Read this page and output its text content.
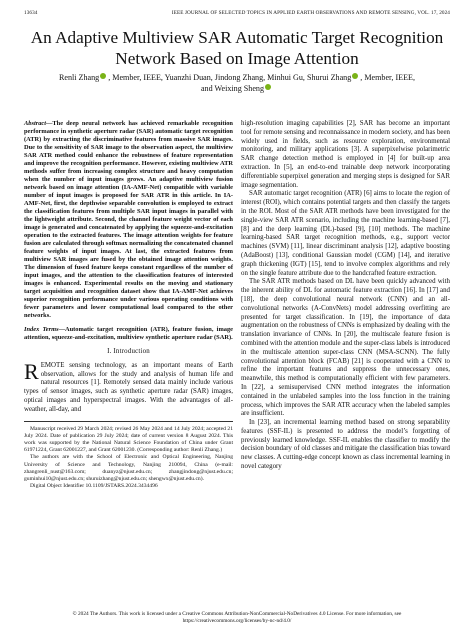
13634	IEEE JOURNAL OF SELECTED TOPICS IN APPLIED EARTH OBSERVATIONS AND REMOTE SENSING, VOL. 17, 2024
An Adaptive Multiview SAR Automatic Target Recognition Network Based on Image Attention
Renli Zhang , Member, IEEE, Yuanzhi Duan, Jindong Zhang, Minhui Gu, Shurui Zhang , Member, IEEE,
and Weixing Sheng

Abstract—The deep neural network has achieved remarkable recognition performance in synthetic aperture radar (SAR) automatic target recognition (ATR) by extracting the discriminative features from massive SAR images. Due to the sensitivity of SAR image to the observation aspect, the multiview SAR ATR method could enhance the robustness of feature representation and improve the recognition performance. However, existing multiview ATR methods suffer from increasing complex structure and heavy computation when the number of input images grows. An adaptive multiview fusion network based on image attention (IA-AMF-Net) compatible with variable number of input images is proposed for SAR ATR in this article. In IA-AMF-Net, first, the depthwise separable convolution is employed to extract the classification features from multiple SAR input images in parallel with the lightweight attribute. Second, the channel feature weight vector of each image is generated and concatenated by applying the squeeze-and-excitation operation to the extracted features. The image attention weights for feature fusion are calculated through softmax normalizing the concatenated channel feature weights of input images. At last, the extracted features from multiview SAR images are fused by the obtained image attention weights. The dimension of fused feature keeps constant regardless of the number of input images, and the attention to the classification features of interested images is enhanced. Experimental results on the moving and stationary target acquisition and recognition dataset show that IA-AMF-Net achieves superior recognition performance under various operating conditions with fewer parameters and lower computational load compared to the other networks.

Index Terms—Automatic target recognition (ATR), feature fusion, image attention, squeeze-and-excitation, multiview synthetic aperture radar (SAR).

I. Introduction

REMOTE sensing technology, as an important means of Earth observation, allows for the study and analysis of human life and natural resources [1]. Remotely sensed data mainly include various types of sensor images, such as synthetic aperture radar (SAR) images, optical images and hyperspectral images. With the advantages of all-weather, all-day, and

Manuscript received 29 March 2024; revised 26 May 2024 and 14 July 2024; accepted 21 July 2024. Date of publication 29 July 2024; date of current version 8 August 2024. This work was supported by the National Natural Science Foundation of China under Grant 61971224, Grant 62001227, and Grant 62001230. (Corresponding author: Renli Zhang.)

The authors are with the School of Electronic and Optical Engineering, Nanjing University of Science and Technology, Nanjing 210094, China (e-mail: zhangrenli_nust@163.com; duanyz@njust.edu.cn; zhangjindong@njust.edu.cn; guminhui10@njust.edu.cn; shuruizhang@njust.edu.cn; shengwx@njust.edu.cn).

Digital Object Identifier 10.1109/JSTARS.2024.3434496

high-resolution imaging capabilities [2], SAR has become an important tool for remote sensing and reconnaissance in modern society, and has been widely used in fields, such as resource exploration, environmental monitoring, and military applications [3]. A superpixelwise polarimetric SAR change detection method is employed in [4] for built-up area extraction. In [5], an end-to-end trainable deep network incorporating differentiable superpixel generation and merging steps is designed for SAR image segmentation.

SAR automatic target recognition (ATR) [6] aims to locate the region of interest (ROI), which contains potential targets and then classify the targets in the ROI. Most of the SAR ATR methods have been investigated for the single-view SAR ATR scenario, including the machine learning-based [7], [8] and the deep learning (DL)-based [9], [10] methods. The machine learning-based SAR target recognition methods, e.g., support vector machines (SVM) [11], linear discriminant analysis [12], adaptive boosting (AdaBoost) [13], conditional Gaussian model (CGM) [14], and iterative graph thickening (IGT) [15], tend to involve complex algorithms and rely on the single feature attribute due to the handcrafted feature extraction.

The SAR ATR methods based on DL have been quickly advanced with the inherent ability of DL for automatic feature extraction [16]. In [17] and [18], the deep convolutional neural network (CNN) and an all-convolutional networks (A-ConvNets) model addressing overfitting are presented for target classification. In [19], the importance of data augmentation on the robustness of CNNs is emphasized by dealing with the translation invariance of CNNs. In [20], the multiscale feature fusion is combined with the attention module and the super-class labels is introduced in the multiscale attention super-class CNN (MSA-SCNN). The fully convolutional attention block (FCAB) [21] is cooperated with a CNN to refine the important features and suppress the unnecessary ones, meanwhile, this method is computationally efficient with few parameters. In [22], a semisupervised CNN method integrates the information contained in the unlabeled samples into the loss function in the training process, which improves the SAR ATR accuracy when the labeled samples are insufficient.

In [23], an incremental learning method based on strong separability features (SSF-IL) is presented to address the model’s forgetting of previously learned knowledge. SSF-IL enables the classifier to modify the decision boundary of old classes and mitigate the classification bias toward new classes. A cutting-edge concept known as class incremental learning in novel category

© 2024 The Authors. This work is licensed under a Creative Commons Attribution-NonCommercial-NoDerivatives 4.0 License. For more information, see
https://creativecommons.org/licenses/by-nc-nd/4.0/
